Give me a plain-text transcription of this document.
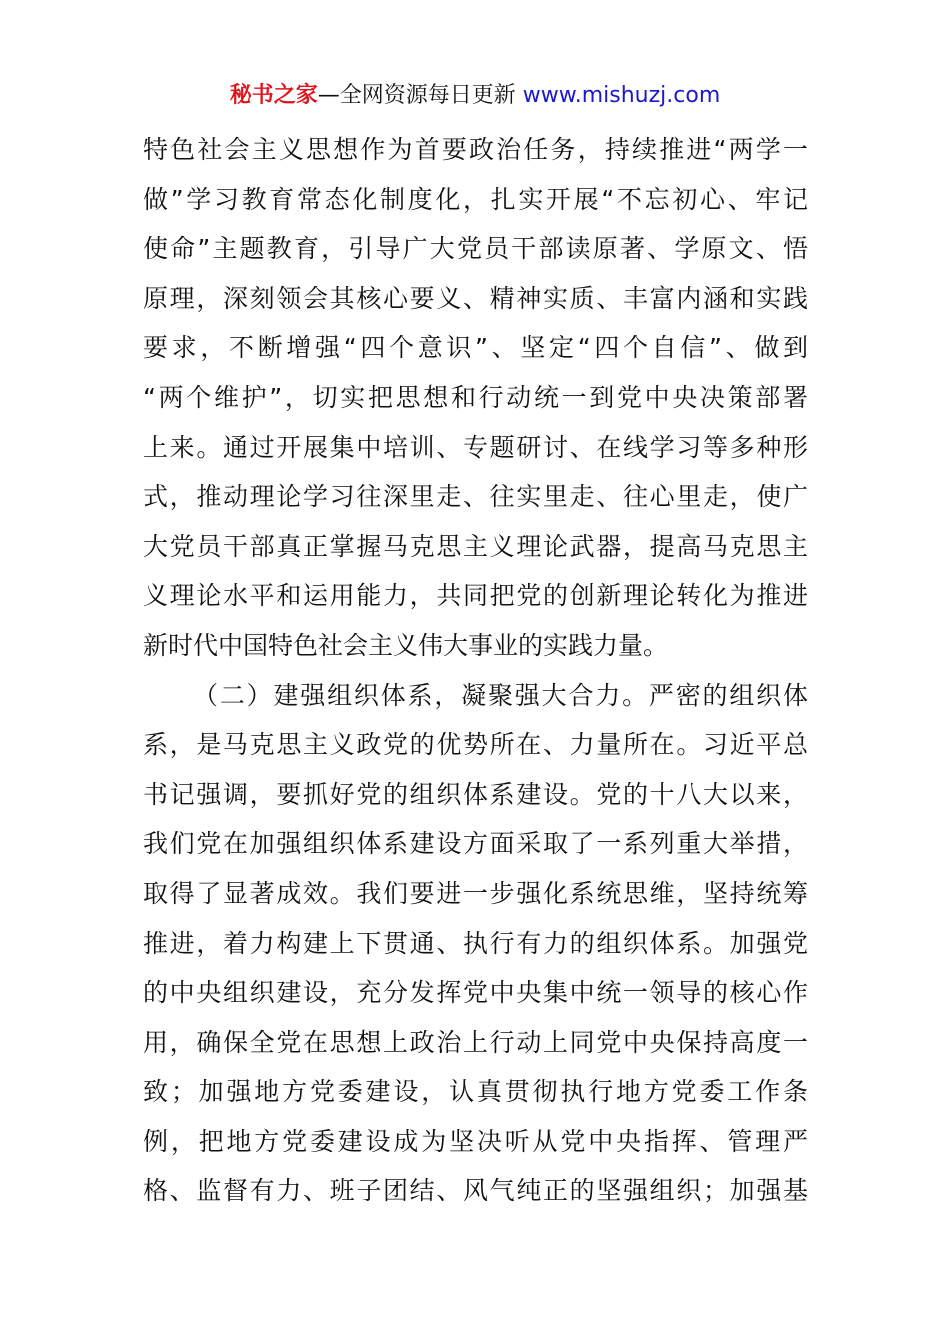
秘书之家—全网资源每日更新 www.mishuzj.com
特色社会主义思想作为首要政治任务，持续推进“两学一
做”学习教育常态化制度化，扎实开展“不忘初心、牢记
使命”主题教育，引导广大党员干部读原著、学原文、悟
原理，深刻领会其核心要义、精神实质、丰富内涵和实践
要求，不断增强“四个意识”、坚定“四个自信”、做到
“两个维护”，切实把思想和行动统一到党中央决策部署
上来。通过开展集中培训、专题研讨、在线学习等多种形
式，推动理论学习往深里走、往实里走、往心里走，使广
大党员干部真正掌握马克思主义理论武器，提高马克思主
义理论水平和运用能力，共同把党的创新理论转化为推进
新时代中国特色社会主义伟大事业的实践力量。
（二）建强组织体系，凝聚强大合力。严密的组织体
系，是马克思主义政党的优势所在、力量所在。习近平总
书记强调，要抓好党的组织体系建设。党的十八大以来，
我们党在加强组织体系建设方面采取了一系列重大举措，
取得了显著成效。我们要进一步强化系统思维，坚持统筹
推进，着力构建上下贯通、执行有力的组织体系。加强党
的中央组织建设，充分发挥党中央集中统一领导的核心作
用，确保全党在思想上政治上行动上同党中央保持高度一
致；加强地方党委建设，认真贯彻执行地方党委工作条
例，把地方党委建设成为坚决听从党中央指挥、管理严
格、监督有力、班子团结、风气纯正的坚强组织；加强基
